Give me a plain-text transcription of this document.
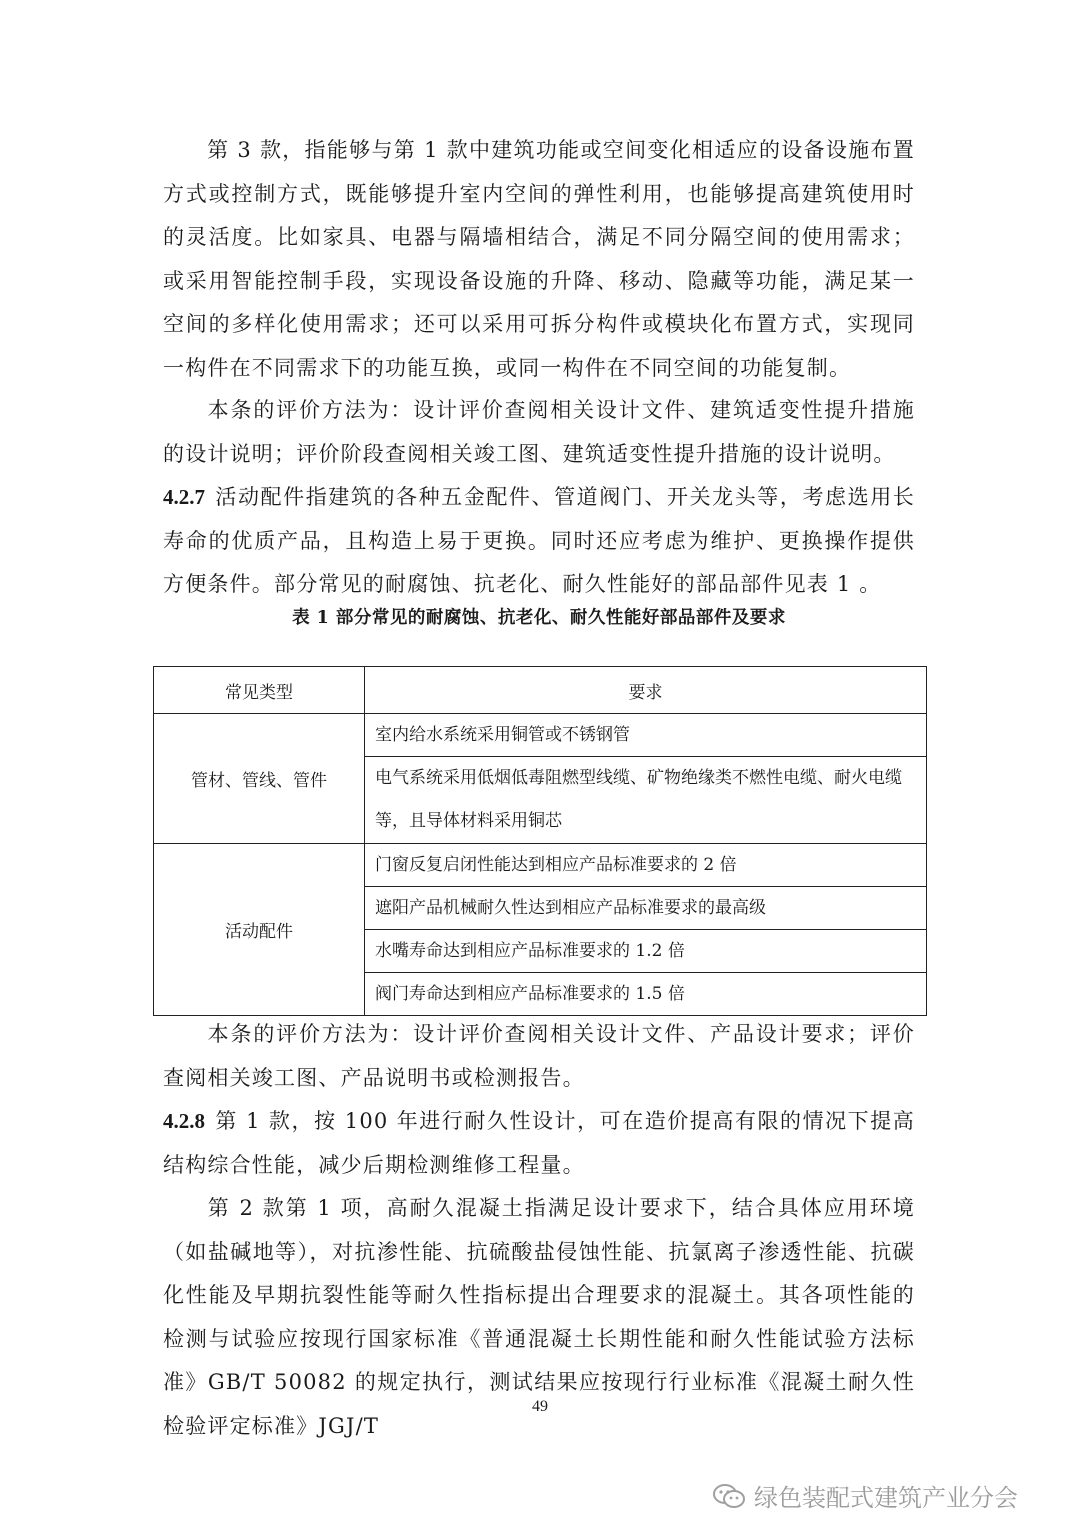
第 3 款，指能够与第 1 款中建筑功能或空间变化相适应的设备设施布置方式或控制方式，既能够提升室内空间的弹性利用，也能够提高建筑使用时的灵活度。比如家具、电器与隔墙相结合，满足不同分隔空间的使用需求；或采用智能控制手段，实现设备设施的升降、移动、隐藏等功能，满足某一空间的多样化使用需求；还可以采用可拆分构件或模块化布置方式，实现同一构件在不同需求下的功能互换，或同一构件在不同空间的功能复制。

本条的评价方法为：设计评价查阅相关设计文件、建筑适变性提升措施的设计说明；评价阶段查阅相关竣工图、建筑适变性提升措施的设计说明。

4.2.7 活动配件指建筑的各种五金配件、管道阀门、开关龙头等，考虑选用长寿命的优质产品，且构造上易于更换。同时还应考虑为维护、更换操作提供方便条件。部分常见的耐腐蚀、抗老化、耐久性能好的部品部件见表 1 。

表 1 部分常见的耐腐蚀、抗老化、耐久性能好部品部件及要求
常见类型	要求
管材、管线、管件	室内给水系统采用铜管或不锈钢管
	电气系统采用低烟低毒阻燃型线缆、矿物绝缘类不燃性电缆、耐火电缆等，且导体材料采用铜芯
活动配件	门窗反复启闭性能达到相应产品标准要求的 2 倍
	遮阳产品机械耐久性达到相应产品标准要求的最高级
	水嘴寿命达到相应产品标准要求的 1.2 倍
	阀门寿命达到相应产品标准要求的 1.5 倍

本条的评价方法为：设计评价查阅相关设计文件、产品设计要求；评价查阅相关竣工图、产品说明书或检测报告。

4.2.8 第 1 款，按 100 年进行耐久性设计，可在造价提高有限的情况下提高结构综合性能，减少后期检测维修工程量。

第 2 款第 1 项，高耐久混凝土指满足设计要求下，结合具体应用环境（如盐碱地等），对抗渗性能、抗硫酸盐侵蚀性能、抗氯离子渗透性能、抗碳化性能及早期抗裂性能等耐久性指标提出合理要求的混凝土。其各项性能的检测与试验应按现行国家标准《普通混凝土长期性能和耐久性能试验方法标准》GB/T 50082 的规定执行，测试结果应按现行行业标准《混凝土耐久性检验评定标准》JGJ/T

49
绿色装配式建筑产业分会
